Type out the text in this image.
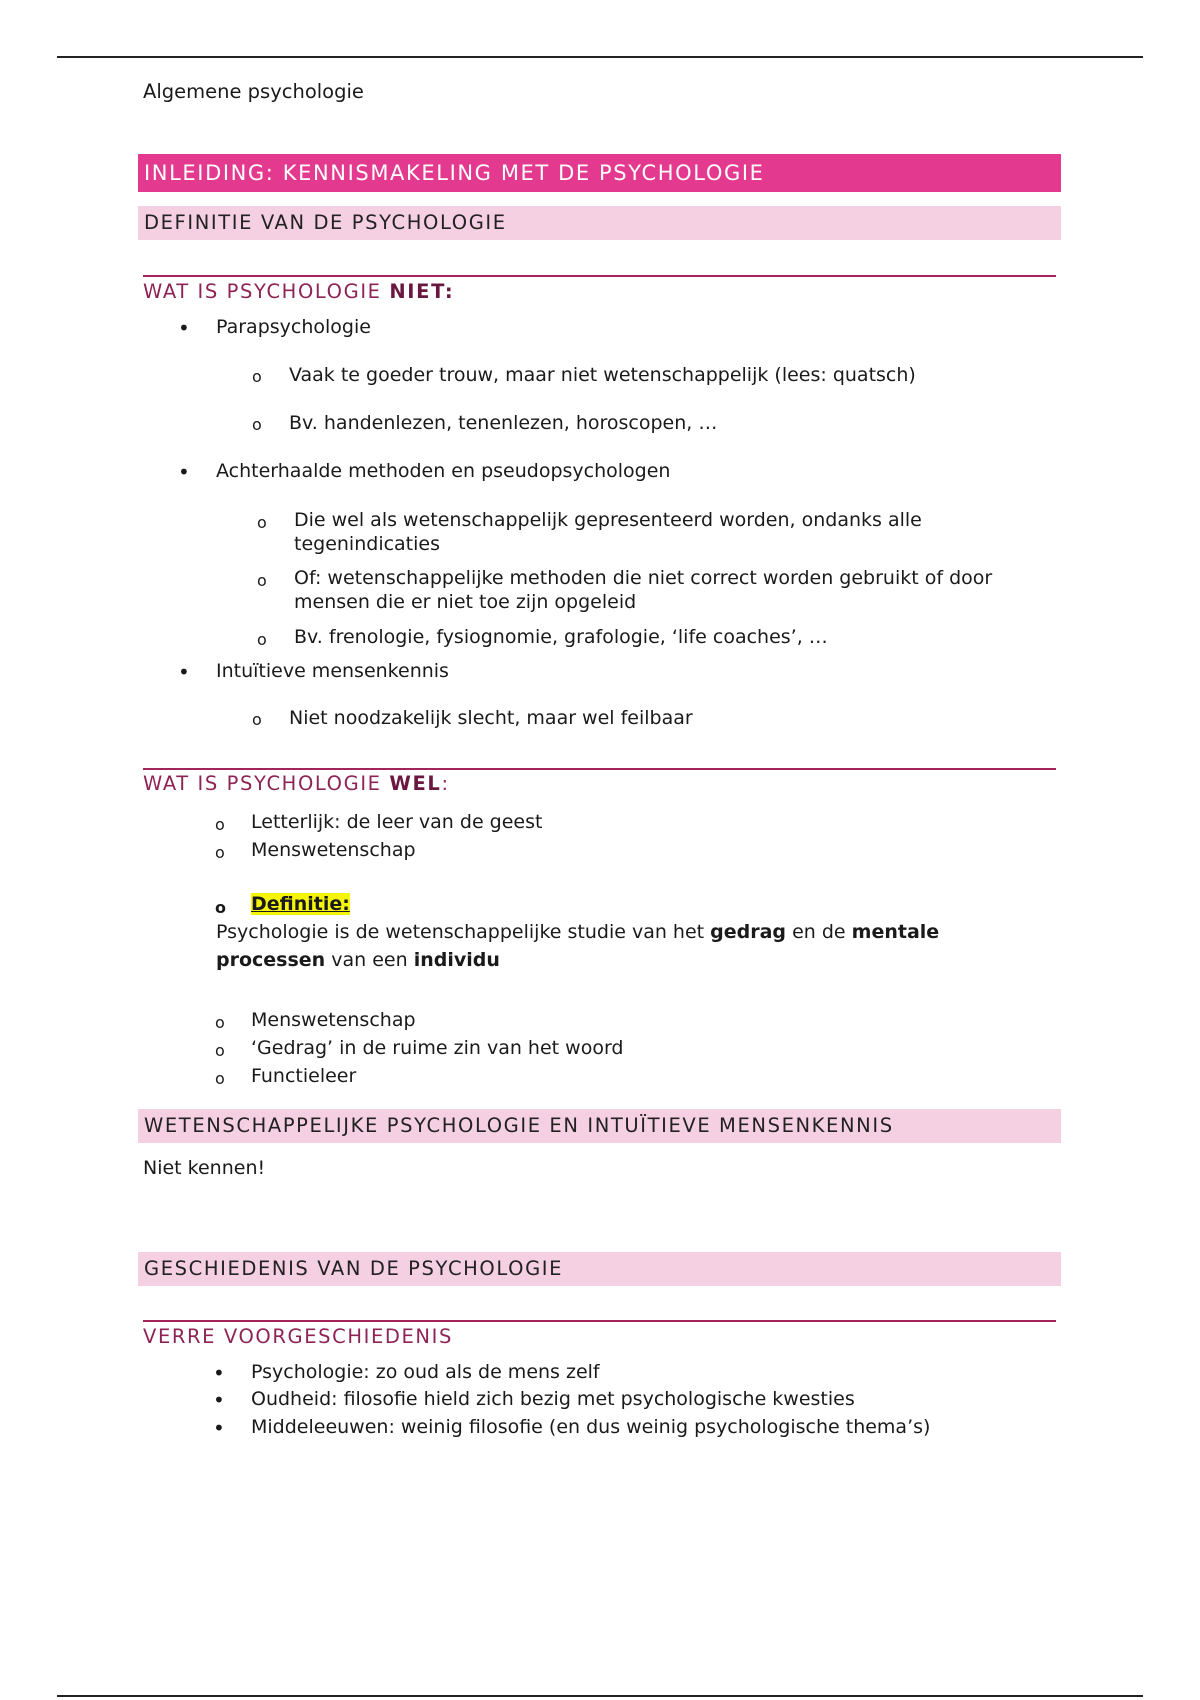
Algemene psychologie
INLEIDING: KENNISMAKELING MET DE PSYCHOLOGIE
DEFINITIE VAN DE PSYCHOLOGIE
WAT IS PSYCHOLOGIE NIET:
• Parapsychologie
o Vaak te goeder trouw, maar niet wetenschappelijk (lees: quatsch)
o Bv. handenlezen, tenenlezen, horoscopen, …
• Achterhaalde methoden en pseudopsychologen
o Die wel als wetenschappelijk gepresenteerd worden, ondanks alle
tegenindicaties
o Of: wetenschappelijke methoden die niet correct worden gebruikt of door
mensen die er niet toe zijn opgeleid
o Bv. frenologie, fysiognomie, grafologie, ‘life coaches’, …
• Intuïtieve mensenkennis
o Niet noodzakelijk slecht, maar wel feilbaar
WAT IS PSYCHOLOGIE WEL:
o Letterlijk: de leer van de geest
o Menswetenschap
o Definitie:
Psychologie is de wetenschappelijke studie van het gedrag en de mentale
processen van een individu
o Menswetenschap
o ‘Gedrag’ in de ruime zin van het woord
o Functieleer
WETENSCHAPPELIJKE PSYCHOLOGIE EN INTUÏTIEVE MENSENKENNIS
Niet kennen!
GESCHIEDENIS VAN DE PSYCHOLOGIE
VERRE VOORGESCHIEDENIS
• Psychologie: zo oud als de mens zelf
• Oudheid: filosofie hield zich bezig met psychologische kwesties
• Middeleeuwen: weinig filosofie (en dus weinig psychologische thema’s)
